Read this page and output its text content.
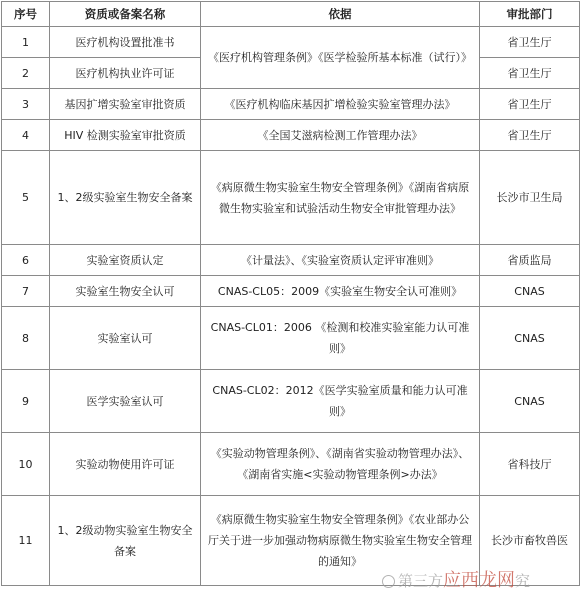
序号	资质或备案名称	依据	审批部门
1	医疗机构设置批准书	《医疗机构管理条例》《医学检验所基本标准（试行）》	省卫生厅
2	医疗机构执业许可证		省卫生厅
3	基因扩增实验室审批资质	《医疗机构临床基因扩增检验实验室管理办法》	省卫生厅
4	HIV 检测实验室审批资质	《全国艾滋病检测工作管理办法》	省卫生厅
5	1、2级实验室生物安全备案	《病原微生物实验室生物安全管理条例》《湖南省病原微生物实验室和试验活动生物安全审批管理办法》	长沙市卫生局
6	实验室资质认定	《计量法》、《实验室资质认定评审准则》	省质监局
7	实验室生物安全认可	CNAS-CL05：2009《实验室生物安全认可准则》	CNAS
8	实验室认可	CNAS-CL01：2006 《检测和校准实验室能力认可准则》	CNAS
9	医学实验室认可	CNAS-CL02：2012《医学实验室质量和能力认可准则》	CNAS
10	实验动物使用许可证	《实验动物管理条例》、《湖南省实验动物管理办法》、《湖南省实施<实验动物管理条例>办法》	省科技厅
11	1、2级动物实验室生物安全备案	《病原微生物实验室生物安全管理条例》《农业部办公厅关于进一步加强动物病原微生物实验室生物安全管理的通知》	长沙市畜牧兽医
第三方应西龙网究
